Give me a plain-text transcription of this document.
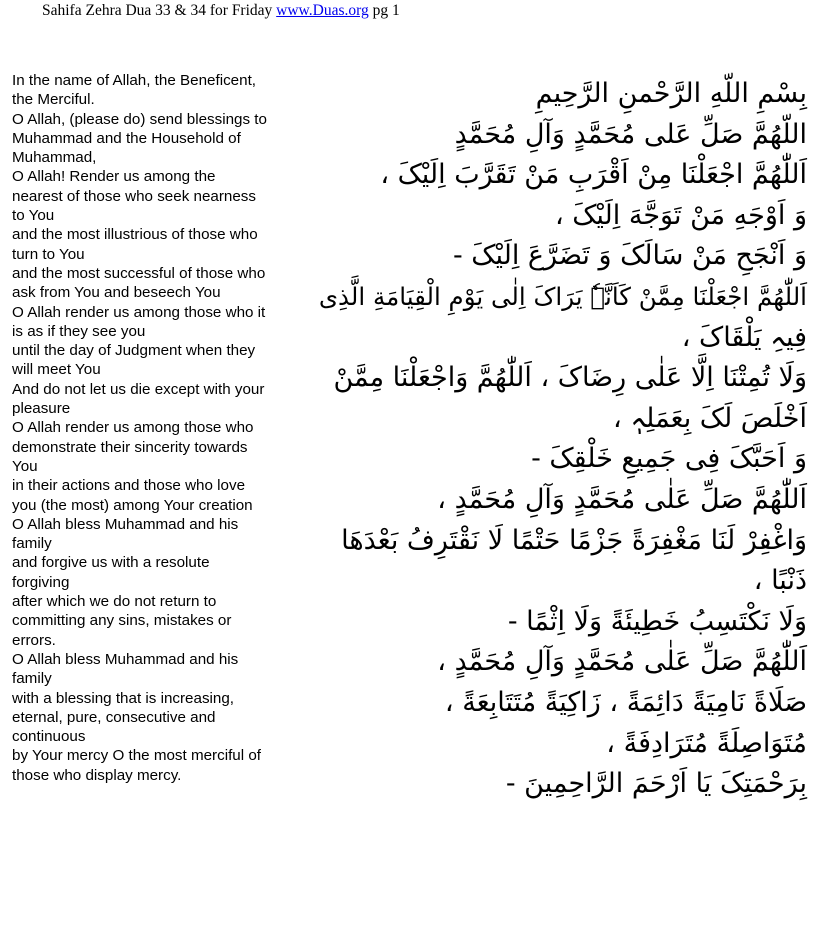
Sahifa Zehra Dua 33 & 34 for Friday www.Duas.org pg 1
In the name of Allah, the Beneficent,
the Merciful.
O Allah, (please do) send blessings to
Muhammad and the Household of
Muhammad,
O Allah! Render us among the
nearest of those who seek nearness
to You
and the most illustrious of those who
turn to You
and the most successful of those who
ask from You and beseech You
O Allah render us among those who it
is as if they see you
until the day of Judgment when they
will meet You
And do not let us die except with your
pleasure
O Allah render us among those who
demonstrate their sincerity towards
You
in their actions and those who love
you (the most) among Your creation
O Allah bless Muhammad and his
family
and forgive us with a resolute
forgiving
after which we do not return to
committing any sins, mistakes or
errors.
O Allah bless Muhammad and his
family
with a blessing that is increasing,
eternal, pure, consecutive and
continuous
by Your mercy O the most merciful of
those who display mercy.
بِسْمِ اللّهِ الرَّحْمنِ الرَّحِيمِ
اللّهُمَّ صَلِّ عَلى مُحَمَّدٍ وَآلِ مُحَمَّدٍ
اَللّٰهُمَّ اجْعَلْنَا مِنْ اَقْرَبِ مَنْ تَقَرَّبَ اِلَيْکَ ،
وَ اَوْجَهِ مَنْ تَوَجَّهَ اِلَيْکَ ،
وَ اَنْجَحِ مَنْ سَالَکَ وَ تَضَرَّعَ اِلَيْکَ -
اَللّٰهُمَّ اجْعَلْنَا مِمَّنْ کَاَنَّہٗ يَرَاکَ اِلٰى يَوْمِ الْقِيَامَةِ الَّذِى
فِيہِ يَلْقَاکَ ،
وَلَا تُمِتْنَا اِلَّا عَلٰى رِضَاکَ ، اَللّٰهُمَّ وَاجْعَلْنَا مِمَّنْ
اَخْلَصَ لَکَ بِعَمَلِہٖ ،
وَ اَحَبَّکَ فِى جَمِيعِ خَلْقِکَ -
اَللّٰهُمَّ صَلِّ عَلٰى مُحَمَّدٍ وَآلِ مُحَمَّدٍ ،
وَاغْفِرْ لَنَا مَغْفِرَةً جَزْمًا حَتْمًا لَا نَقْتَرِفُ بَعْدَهَا
ذَنْبًا ،
وَلَا نَكْتَسِبُ خَطِيئَةً وَلَا اِثْمًا -
اَللّٰهُمَّ صَلِّ عَلٰى مُحَمَّدٍ وَآلِ مُحَمَّدٍ ،
صَلَاةً نَامِيَةً دَائِمَةً ، زَاكِيَةً مُتَتَابِعَةً ،
مُتَوَاصِلَةً مُتَرَادِفَةً ،
بِرَحْمَتِکَ يَا اَرْحَمَ الرَّاحِمِينَ -
